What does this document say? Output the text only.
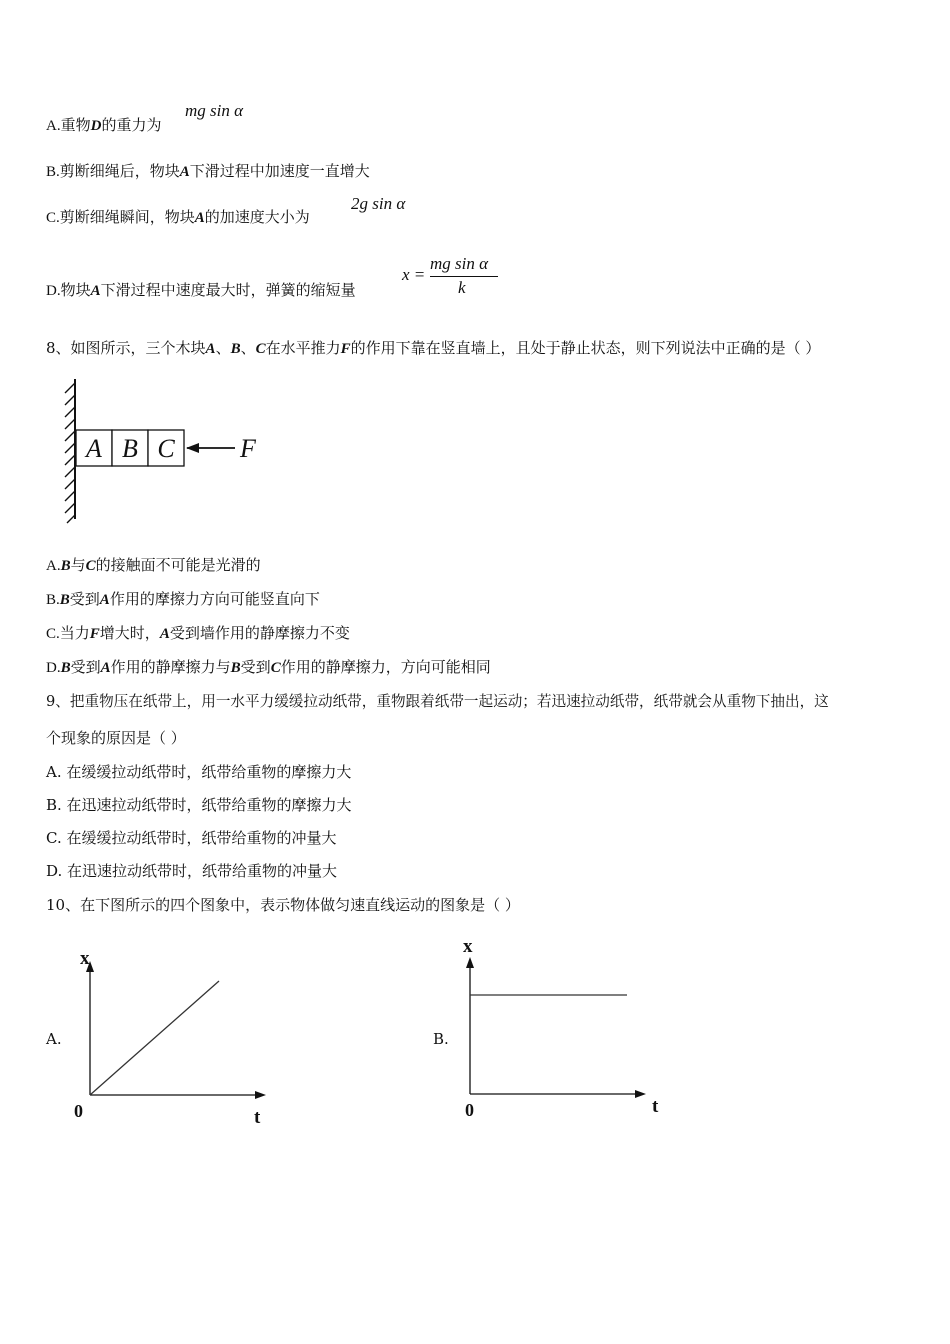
A.重物D的重力为
mg sin α
B.剪断细绳后，物块A下滑过程中加速度一直增大
C.剪断细绳瞬间，物块A的加速度大小为
2g sin α
D.物块A下滑过程中速度最大时，弹簧的缩短量
x =
mg sin α
k
8、如图所示，三个木块A、B、C在水平推力F的作用下靠在竖直墙上，且处于静止状态，则下列说法中正确的是（ ）
A B C	F
A.B与C的接触面不可能是光滑的
B.B受到A作用的摩擦力方向可能竖直向下
C.当力F增大时，A受到墙作用的静摩擦力不变
D.B受到A作用的静摩擦力与B受到C作用的静摩擦力，方向可能相同
9、把重物压在纸带上，用一水平力缓缓拉动纸带，重物跟着纸带一起运动；若迅速拉动纸带，纸带就会从重物下抽出，这
个现象的原因是（ ）
A. 在缓缓拉动纸带时，纸带给重物的摩擦力大
B. 在迅速拉动纸带时，纸带给重物的摩擦力大
C. 在缓缓拉动纸带时，纸带给重物的冲量大
D. 在迅速拉动纸带时，纸带给重物的冲量大
10、在下图所示的四个图象中，表示物体做匀速直线运动的图象是（ ）
A.
x
t
0
B.
x
t
0
